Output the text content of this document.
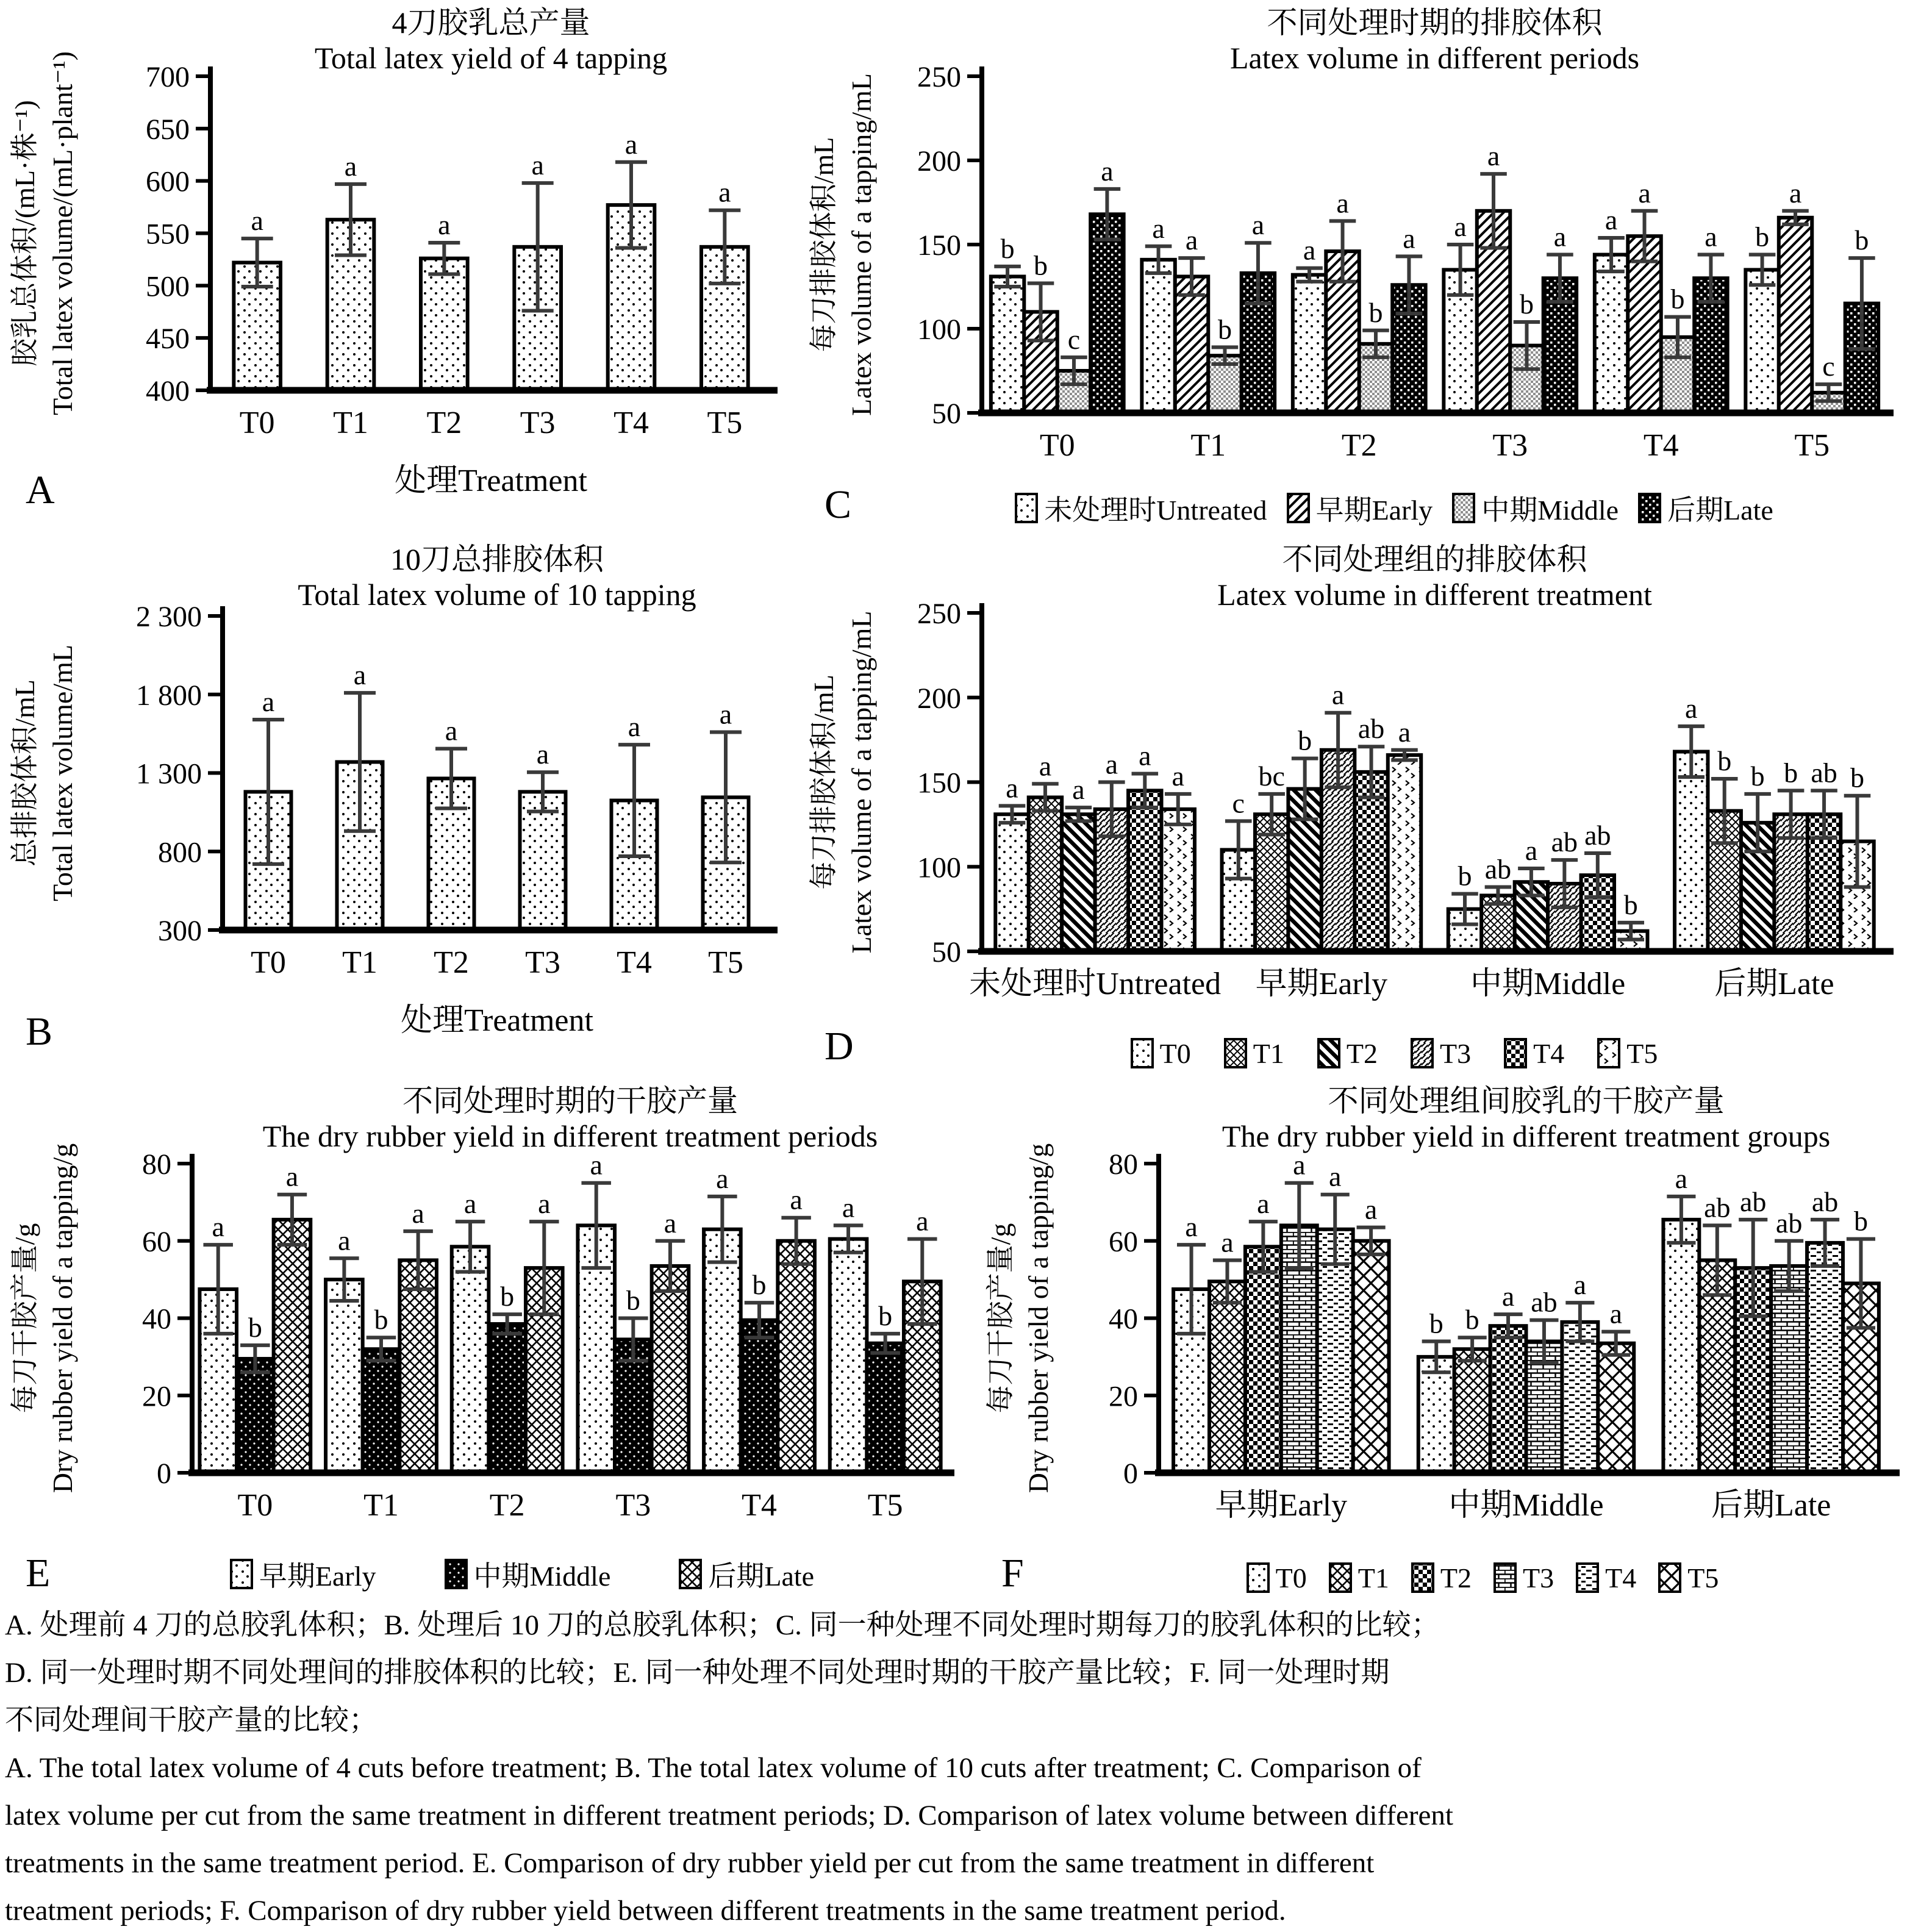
4刀胶乳总产量
Total latex yield of 4 tapping
胶乳总体积/(mL·株⁻¹) Total latex volume/(mL·plant⁻¹) 400
450
500
550
600
650
700
a
T0
a
T1
a
T2
a
T3
a
T4
a
T5
处理Treatment
A
10刀总排胶体积
Total latex volume of 10 tapping
总排胶体积/mL Total latex volume/mL
300
800
1 300
1 800
2 300
a
T0
a
T1
a
T2
a
T3
a
T4
a
T5
处理Treatment
B
不同处理时期的排胶体积
Latex volume in different periods
每刀排胶体积/mL Latex volume of a tapping/mL 50
100
150
200
250
b
b
c
a
T0
a a
b
a
T1
a
a
b
a
T2
a
a
b
a
T3
a
a
b
a
T4
b
a
c
b
T5
未处理时Untreated 早期Early 中期Middle 后期Late
C
不同处理组的排胶体积
Latex volume in different treatment
每刀排胶体积/mL Latex volume of a tapping/mL 50
100
150
200
250
a
a
a
a a
a
未处理时Untreated
c
bc
b
a
ab a
早期Early
b ab
a ab ab
b
中期Middle
a
b b b ab b
后期Late
T0 T1 T2 T3 T4 T5
D
不同处理时期的干胶产量
The dry rubber yield in different treatment periods
每刀干胶产量/g Dry rubber yield of a tapping/g	0
20
40
60
80
a
b
a
T0
a
b
a
T1
a
b
a
T2
a
b
a
T3
a
b
a
T4
a
b
a
T5
早期Early	中期Middle	后期Late
E
不同处理组间胶乳的干胶产量
The dry rubber yield in different treatment groups
每刀干胶产量/g Dry rubber yield of a tapping/g 0
20
40
60
80
a a
a
a a
a
早期Early
b b
a ab
a
a
中期Middle
a
ab ab
ab
ab
b
后期Late
T0 T1 T2 T3 T4 T5
F
A. 处理前 4 刀的总胶乳体积；B. 处理后 10 刀的总胶乳体积；C. 同一种处理不同处理时期每刀的胶乳体积的比较；
D. 同一处理时期不同处理间的排胶体积的比较；E. 同一种处理不同处理时期的干胶产量比较；F. 同一处理时期
不同处理间干胶产量的比较；
A. The total latex volume of 4 cuts before treatment; B. The total latex volume of 10 cuts after treatment; C. Comparison of
latex volume per cut from the same treatment in different treatment periods; D. Comparison of latex volume between different
treatments in the same treatment period. E. Comparison of dry rubber yield per cut from the same treatment in different
treatment periods; F. Comparison of dry rubber yield between different treatments in the same treatment period.
